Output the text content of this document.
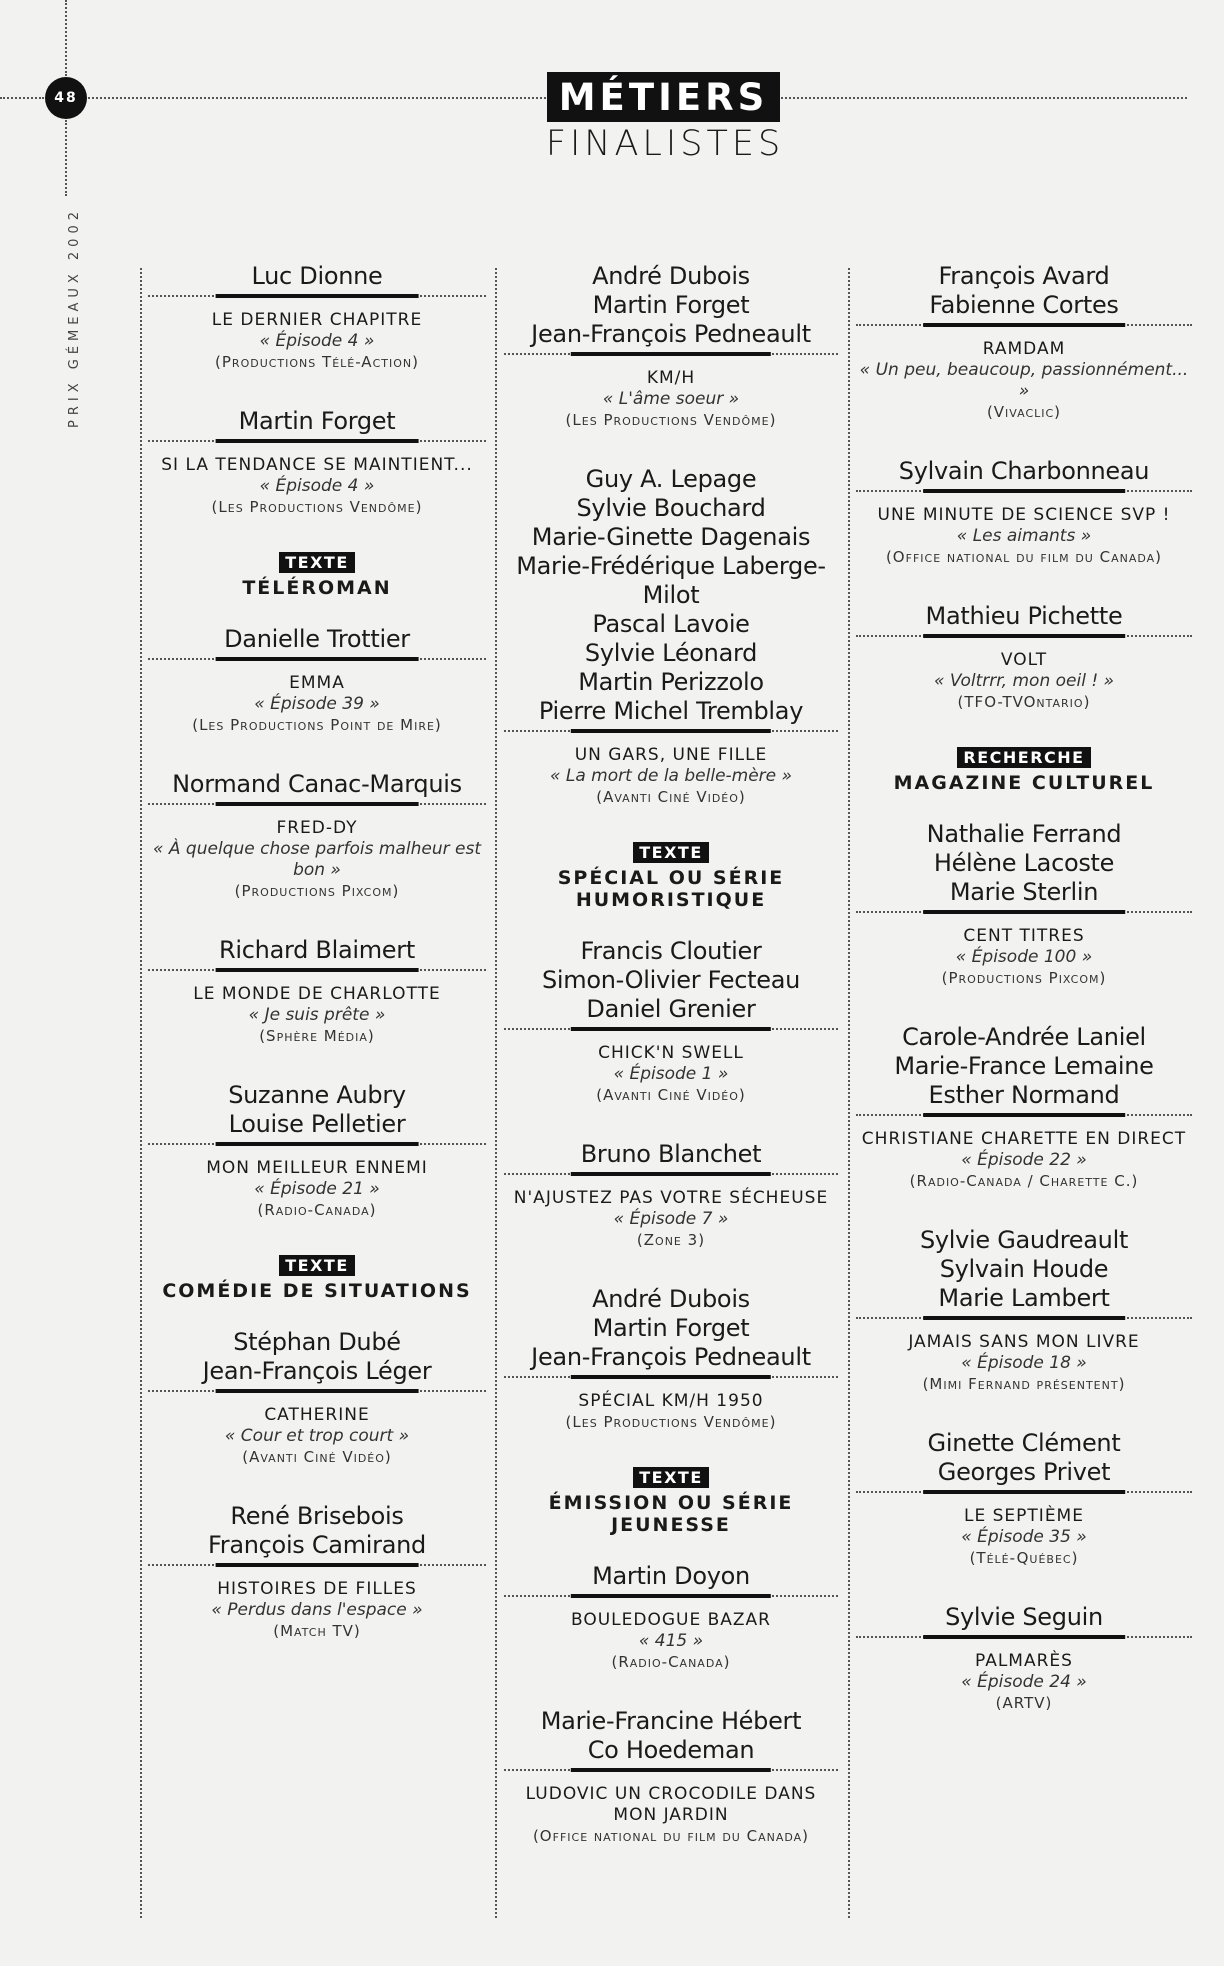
48
PRIX GÉMEAUX 2002
MÉTIERS
FINALISTES
Luc Dionne
LE DERNIER CHAPITRE
« Épisode 4 »
(Productions Télé-Action)
Martin Forget
SI LA TENDANCE SE MAINTIENT...
« Épisode 4 »
(Les Productions Vendôme)
TEXTE
TÉLÉROMAN
Danielle Trottier
EMMA
« Épisode 39 »
(Les Productions Point de Mire)
Normand Canac-Marquis
FRED-DY
« À quelque chose parfois malheur est bon »
(Productions Pixcom)
Richard Blaimert
LE MONDE DE CHARLOTTE
« Je suis prête »
(Sphère Média)
Suzanne Aubry
Louise Pelletier
MON MEILLEUR ENNEMI
« Épisode 21 »
(Radio-Canada)
TEXTE
COMÉDIE DE SITUATIONS
Stéphan Dubé
Jean-François Léger
CATHERINE
« Cour et trop court »
(Avanti Ciné Vidéo)
René Brisebois
François Camirand
HISTOIRES DE FILLES
« Perdus dans l'espace »
(Match TV)
André Dubois
Martin Forget
Jean-François Pedneault
KM/H
« L'âme soeur »
(Les Productions Vendôme)
Guy A. Lepage
Sylvie Bouchard
Marie-Ginette Dagenais
Marie-Frédérique Laberge-Milot
Pascal Lavoie
Sylvie Léonard
Martin Perizzolo
Pierre Michel Tremblay
UN GARS, UNE FILLE
« La mort de la belle-mère »
(Avanti Ciné Vidéo)
TEXTE
SPÉCIAL OU SÉRIE HUMORISTIQUE
Francis Cloutier
Simon-Olivier Fecteau
Daniel Grenier
CHICK'N SWELL
« Épisode 1 »
(Avanti Ciné Vidéo)
Bruno Blanchet
N'AJUSTEZ PAS VOTRE SÉCHEUSE
« Épisode 7 »
(Zone 3)
André Dubois
Martin Forget
Jean-François Pedneault
SPÉCIAL KM/H 1950
(Les Productions Vendôme)
TEXTE
ÉMISSION OU SÉRIE JEUNESSE
Martin Doyon
BOULEDOGUE BAZAR
« 415 »
(Radio-Canada)
Marie-Francine Hébert
Co Hoedeman
LUDOVIC UN CROCODILE DANS MON JARDIN
(Office national du film du Canada)
François Avard
Fabienne Cortes
RAMDAM
« Un peu, beaucoup, passionnément... »
(Vivaclic)
Sylvain Charbonneau
UNE MINUTE DE SCIENCE SVP !
« Les aimants »
(Office national du film du Canada)
Mathieu Pichette
VOLT
« Voltrrr, mon oeil ! »
(TFO-TVOntario)
RECHERCHE
MAGAZINE CULTUREL
Nathalie Ferrand
Hélène Lacoste
Marie Sterlin
CENT TITRES
« Épisode 100 »
(Productions Pixcom)
Carole-Andrée Laniel
Marie-France Lemaine
Esther Normand
CHRISTIANE CHARETTE EN DIRECT
« Épisode 22 »
(Radio-Canada / Charette C.)
Sylvie Gaudreault
Sylvain Houde
Marie Lambert
JAMAIS SANS MON LIVRE
« Épisode 18 »
(Mimi Fernand présentent)
Ginette Clément
Georges Privet
LE SEPTIÈME
« Épisode 35 »
(Télé-Québec)
Sylvie Seguin
PALMARÈS
« Épisode 24 »
(ARTV)
